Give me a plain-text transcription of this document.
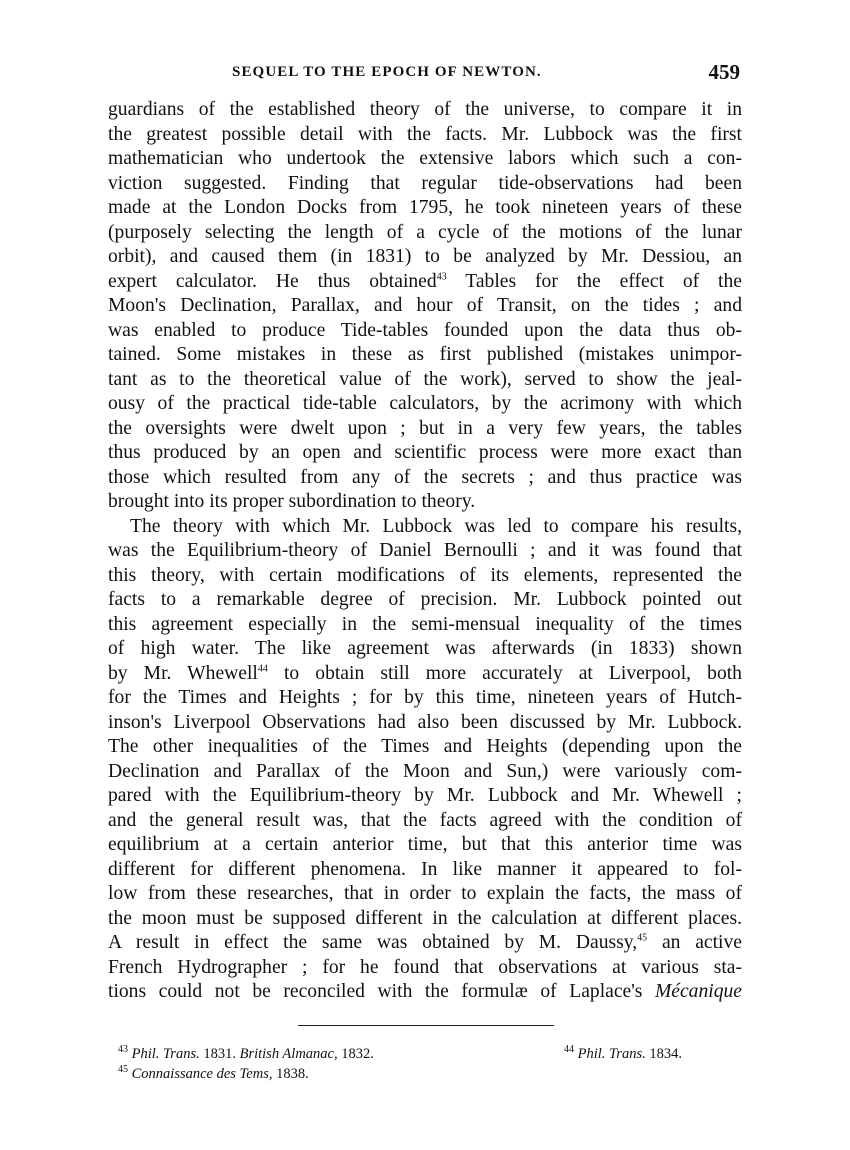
SEQUEL TO THE EPOCH OF NEWTON.	459

guardians of the established theory of the universe, to compare it in
the greatest possible detail with the facts. Mr. Lubbock was the first
mathematician who undertook the extensive labors which such a con-
viction suggested. Finding that regular tide-observations had been
made at the London Docks from 1795, he took nineteen years of these
(purposely selecting the length of a cycle of the motions of the lunar
orbit), and caused them (in 1831) to be analyzed by Mr. Dessiou, an
expert calculator. He thus obtained$^{43}$ Tables for the effect of the
Moon's Declination, Parallax, and hour of Transit, on the tides ; and
was enabled to produce Tide-tables founded upon the data thus ob-
tained. Some mistakes in these as first published (mistakes unimpor-
tant as to the theoretical value of the work), served to show the jeal-
ousy of the practical tide-table calculators, by the acrimony with which
the oversights were dwelt upon ; but in a very few years, the tables
thus produced by an open and scientific process were more exact than
those which resulted from any of the secrets ; and thus practice was
brought into its proper subordination to theory.

The theory with which Mr. Lubbock was led to compare his results,
was the Equilibrium-theory of Daniel Bernoulli ; and it was found that
this theory, with certain modifications of its elements, represented the
facts to a remarkable degree of precision. Mr. Lubbock pointed out
this agreement especially in the semi-mensual inequality of the times
of high water. The like agreement was afterwards (in 1833) shown
by Mr. Whewell$^{44}$ to obtain still more accurately at Liverpool, both
for the Times and Heights ; for by this time, nineteen years of Hutch-
inson's Liverpool Observations had also been discussed by Mr. Lubbock.
The other inequalities of the Times and Heights (depending upon the
Declination and Parallax of the Moon and Sun,) were variously com-
pared with the Equilibrium-theory by Mr. Lubbock and Mr. Whewell ;
and the general result was, that the facts agreed with the condition of
equilibrium at a certain anterior time, but that this anterior time was
different for different phenomena. In like manner it appeared to fol-
low from these researches, that in order to explain the facts, the mass of
the moon must be supposed different in the calculation at different places.
A result in effect the same was obtained by M. Daussy,$^{45}$ an active
French Hydrographer ; for he found that observations at various sta-
tions could not be reconciled with the formulæ of Laplace's Mécanique

$^{43}$ Phil. Trans. 1831. British Almanac, 1832.	$^{44}$ Phil. Trans. 1834.
$^{45}$ Connaissance des Tems, 1838.
